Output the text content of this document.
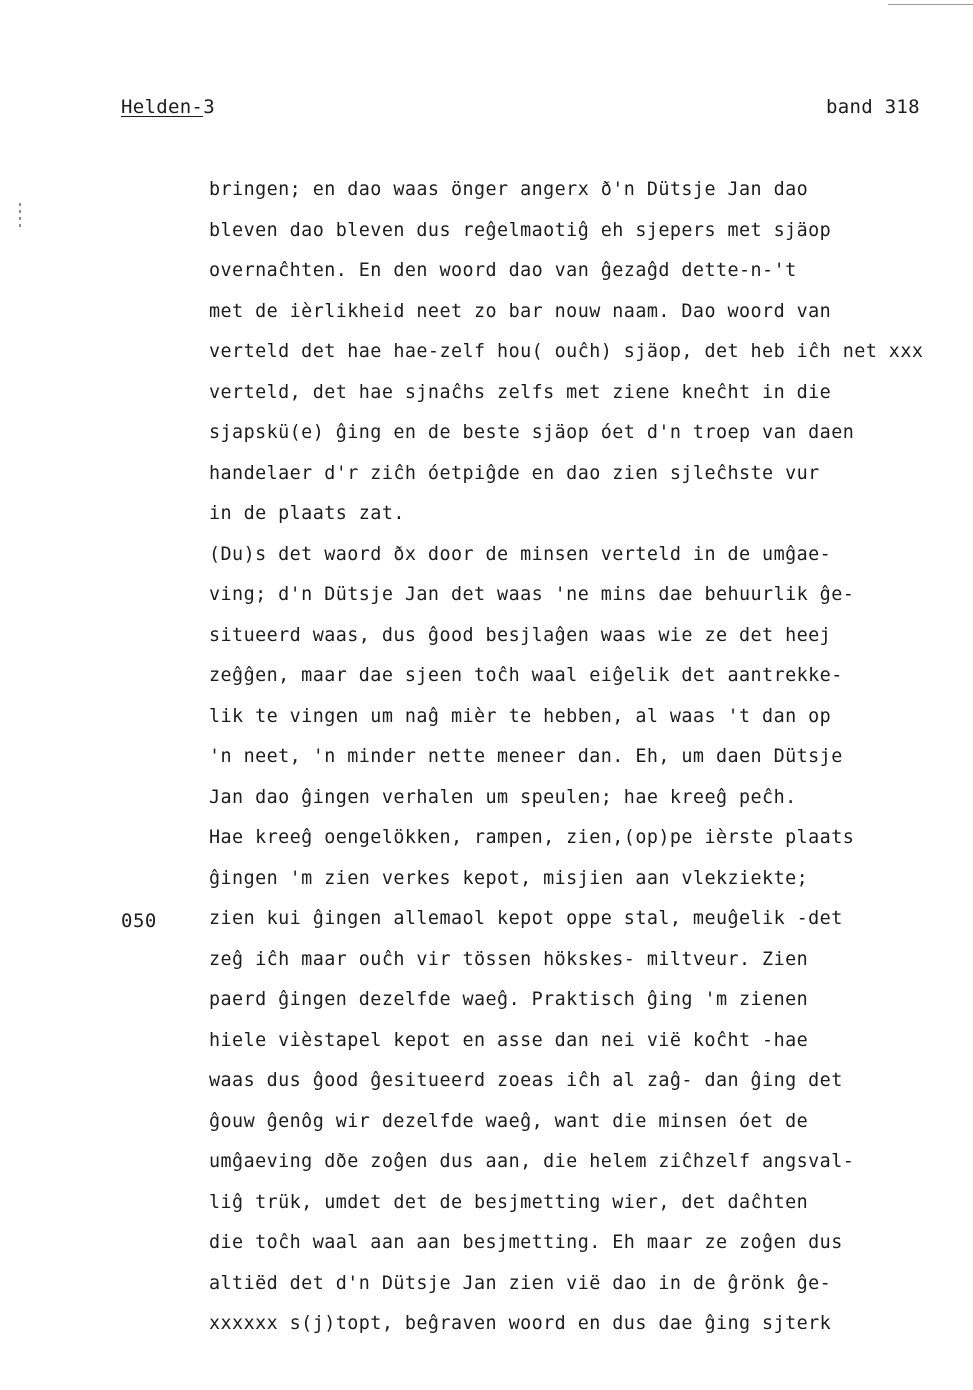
Helden-3	band 318
050
bringen; en dao waas önger angerx ð'n Dütsje Jan dao
bleven dao bleven dus reĝelmaotiĝ eh sjepers met sjäop
overnaĉhten. En den woord dao van ĝezaĝd dette-n-'t
met de ièrlikheid neet zo bar nouw naam. Dao woord van
verteld det hae hae-zelf hou( ouĉh) sjäop, det heb iĉh net xxx
verteld, det hae sjnaĉhs zelfs met ziene kneĉht in die
sjapskü(e) ĝing en de beste sjäop óet d'n troep van daen
handelaer d'r ziĉh óetpiĝde en dao zien sjleĉhste vur
in de plaats zat.
(Du)s det waord ðx door de minsen verteld in de umĝae-
ving; d'n Dütsje Jan det waas 'ne mins dae behuurlik ĝe-
situeerd waas, dus ĝood besjlaĝen waas wie ze det heej
zeĝĝen, maar dae sjeen toĉh waal eiĝelik det aantrekke-
lik te vingen um naĝ mièr te hebben, al waas 't dan op
'n neet, 'n minder nette meneer dan. Eh, um daen Dütsje
Jan dao ĝingen verhalen um speulen; hae kreeĝ peĉh.
Hae kreeĝ oengelökken, rampen, zien,(op)pe ièrste plaats
ĝingen 'm zien verkes kepot, misjien aan vlekziekte;
zien kui ĝingen allemaol kepot oppe stal, meuĝelik -det
zeĝ iĉh maar ouĉh vir tössen hökskes- miltveur. Zien
paerd ĝingen dezelfde waeĝ. Praktisch ĝing 'm zienen
hiele vièstapel kepot en asse dan nei vië koĉht -hae
waas dus ĝood ĝesitueerd zoeas iĉh al zaĝ- dan ĝing det
ĝouw ĝenôg wir dezelfde waeĝ, want die minsen óet de
umĝaeving dðe zoĝen dus aan, die helem ziĉhzelf angsval-
liĝ trük, umdet det de besjmetting wier, det daĉhten
die toĉh waal aan aan besjmetting. Eh maar ze zoĝen dus
altiëd det d'n Dütsje Jan zien vië dao in de ĝrönk ĝe-
xxxxxx s(j)topt, beĝraven woord en dus dae ĝing sjterk
